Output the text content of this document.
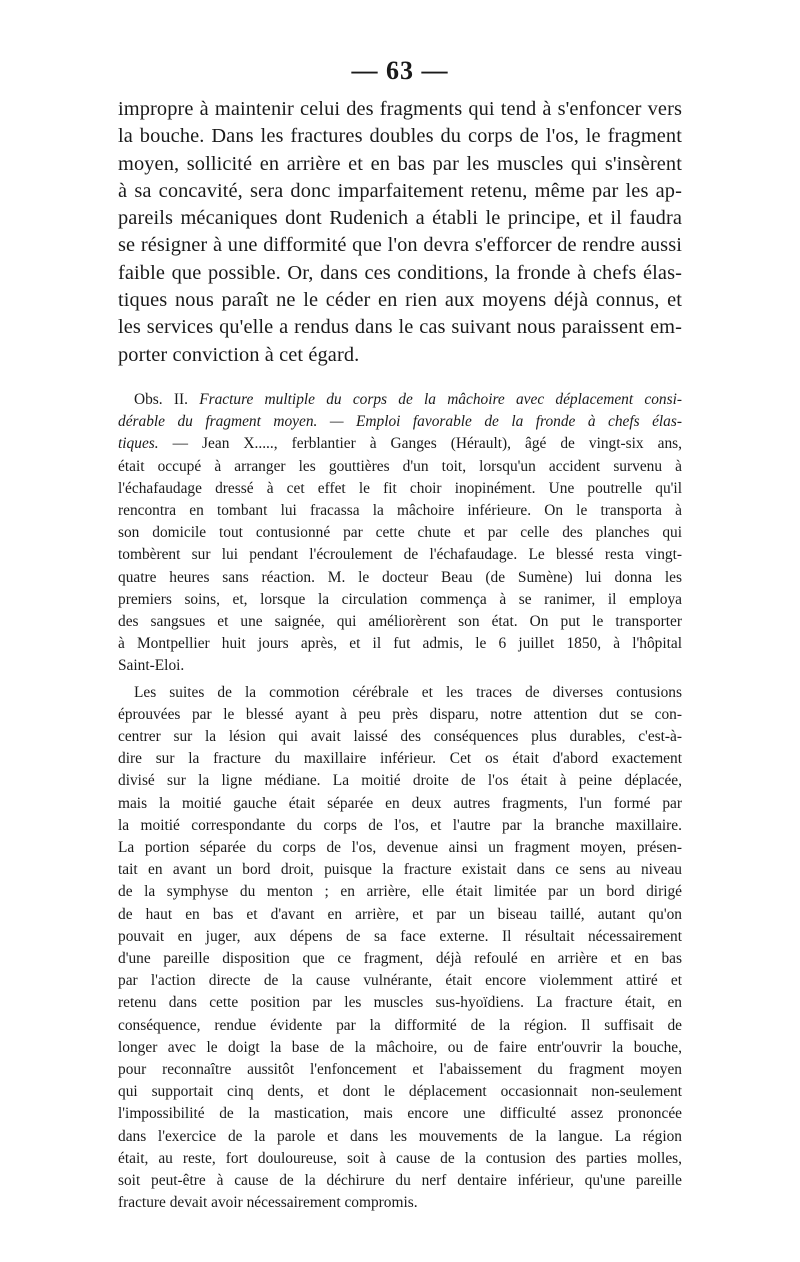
— 63 —
impropre à maintenir celui des fragments qui tend à s'enfoncer vers
la bouche. Dans les fractures doubles du corps de l'os, le fragment
moyen, sollicité en arrière et en bas par les muscles qui s'insèrent
à sa concavité, sera donc imparfaitement retenu, même par les ap-
pareils mécaniques dont Rudenich a établi le principe, et il faudra
se résigner à une difformité que l'on devra s'efforcer de rendre aussi
faible que possible. Or, dans ces conditions, la fronde à chefs élas-
tiques nous paraît ne le céder en rien aux moyens déjà connus, et
les services qu'elle a rendus dans le cas suivant nous paraissent em-
porter conviction à cet égard.
Obs. II. Fracture multiple du corps de la mâchoire avec déplacement consi-
dérable du fragment moyen. — Emploi favorable de la fronde à chefs élas-
tiques. — Jean X....., ferblantier à Ganges (Hérault), âgé de vingt-six ans,
était occupé à arranger les gouttières d'un toit, lorsqu'un accident survenu à
l'échafaudage dressé à cet effet le fit choir inopinément. Une poutrelle qu'il
rencontra en tombant lui fracassa la mâchoire inférieure. On le transporta à
son domicile tout contusionné par cette chute et par celle des planches qui
tombèrent sur lui pendant l'écroulement de l'échafaudage. Le blessé resta vingt-
quatre heures sans réaction. M. le docteur Beau (de Sumène) lui donna les
premiers soins, et, lorsque la circulation commença à se ranimer, il employa
des sangsues et une saignée, qui améliorèrent son état. On put le transporter
à Montpellier huit jours après, et il fut admis, le 6 juillet 1850, à l'hôpital
Saint-Eloi.
Les suites de la commotion cérébrale et les traces de diverses contusions
éprouvées par le blessé ayant à peu près disparu, notre attention dut se con-
centrer sur la lésion qui avait laissé des conséquences plus durables, c'est-à-
dire sur la fracture du maxillaire inférieur. Cet os était d'abord exactement
divisé sur la ligne médiane. La moitié droite de l'os était à peine déplacée,
mais la moitié gauche était séparée en deux autres fragments, l'un formé par
la moitié correspondante du corps de l'os, et l'autre par la branche maxillaire.
La portion séparée du corps de l'os, devenue ainsi un fragment moyen, présen-
tait en avant un bord droit, puisque la fracture existait dans ce sens au niveau
de la symphyse du menton ; en arrière, elle était limitée par un bord dirigé
de haut en bas et d'avant en arrière, et par un biseau taillé, autant qu'on
pouvait en juger, aux dépens de sa face externe. Il résultait nécessairement
d'une pareille disposition que ce fragment, déjà refoulé en arrière et en bas
par l'action directe de la cause vulnérante, était encore violemment attiré et
retenu dans cette position par les muscles sus-hyoïdiens. La fracture était, en
conséquence, rendue évidente par la difformité de la région. Il suffisait de
longer avec le doigt la base de la mâchoire, ou de faire entr'ouvrir la bouche,
pour reconnaître aussitôt l'enfoncement et l'abaissement du fragment moyen
qui supportait cinq dents, et dont le déplacement occasionnait non-seulement
l'impossibilité de la mastication, mais encore une difficulté assez prononcée
dans l'exercice de la parole et dans les mouvements de la langue. La région
était, au reste, fort douloureuse, soit à cause de la contusion des parties molles,
soit peut-être à cause de la déchirure du nerf dentaire inférieur, qu'une pareille
fracture devait avoir nécessairement compromis.
